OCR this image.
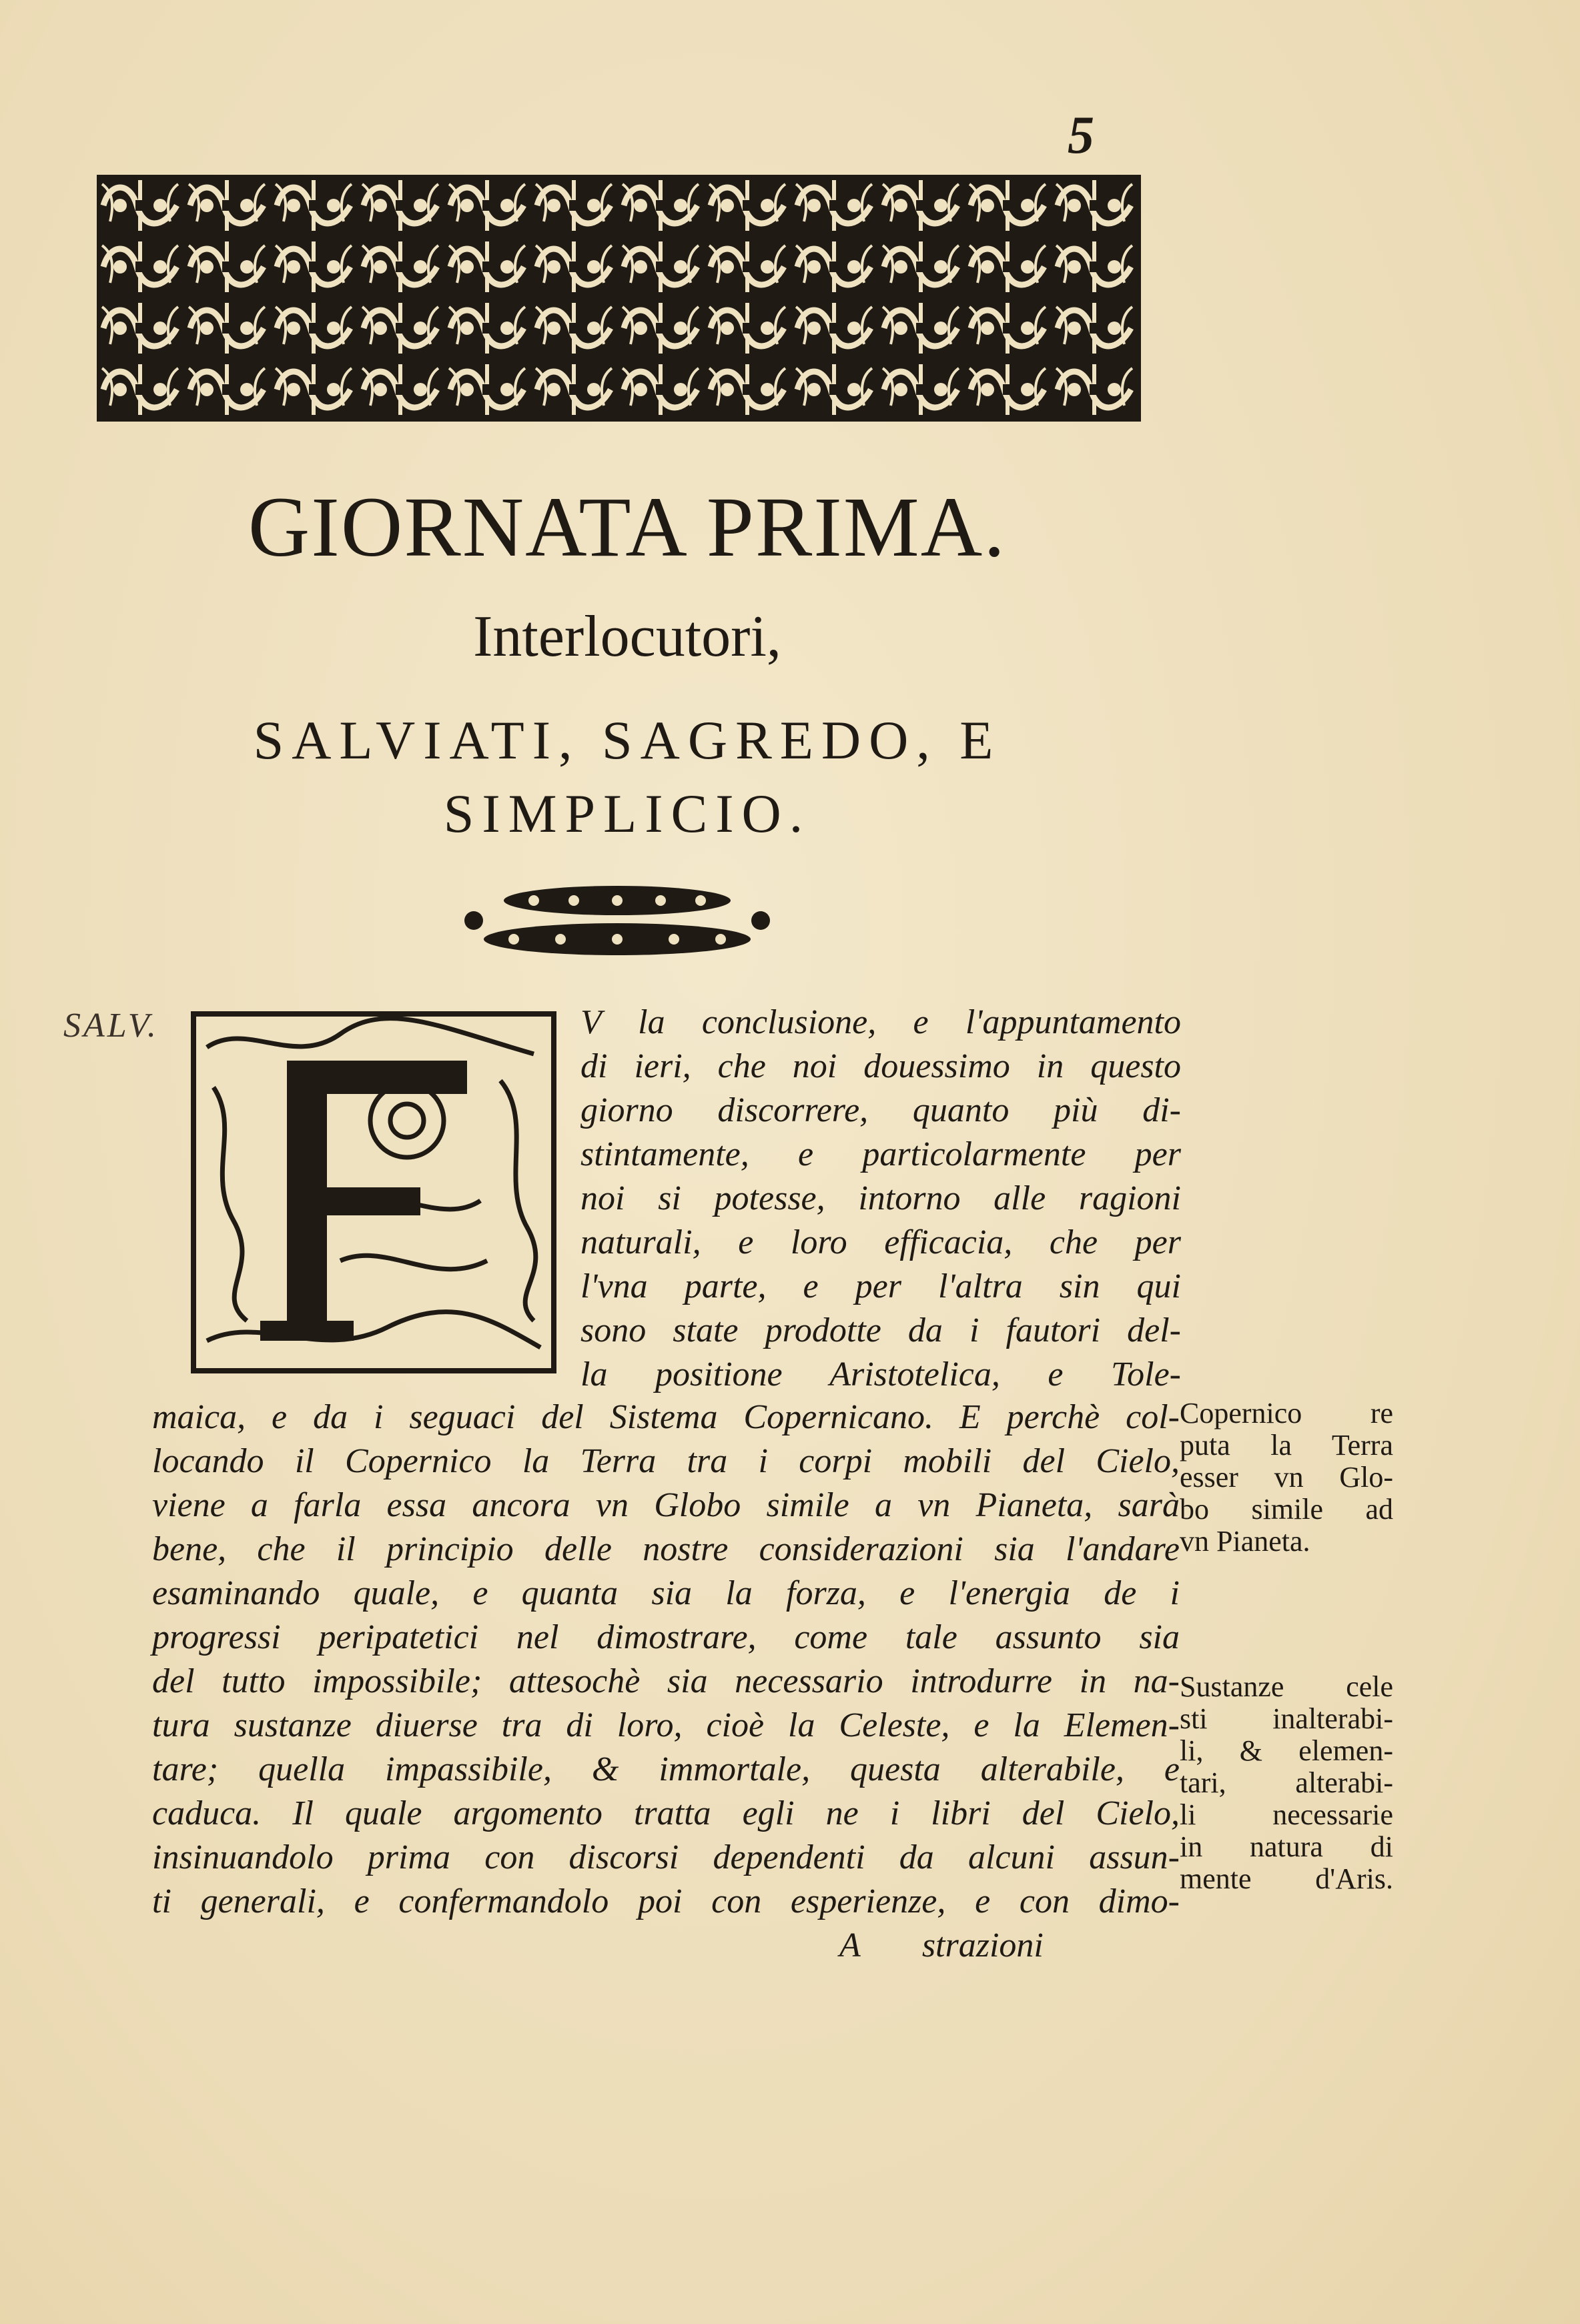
5
GIORNATA PRIMA.
Interlocutori,
SALVIATI, SAGREDO, E
SIMPLICIO.
SALV.	V la conclusione, e l'appuntamento
di ieri, che noi douessimo in questo
giorno discorrere, quanto più di-
stintamente, e particolarmente per
noi si potesse, intorno alle ragioni
naturali, e loro efficacia, che per
l'vna parte, e per l'altra sin qui
sono state prodotte da i fautori del-
la positione Aristotelica, e Tole-
maica, e da i seguaci del Sistema Copernicano. E perchè col-
locando il Copernico la Terra tra i corpi mobili del Cielo,
viene a farla essa ancora vn Globo simile a vn Pianeta, sarà
bene, che il principio delle nostre considerazioni sia l'andare
esaminando quale, e quanta sia la forza, e l'energia de i
progressi peripatetici nel dimostrare, come tale assunto sia
del tutto impossibile; attesochè sia necessario introdurre in na-
tura sustanze diuerse tra di loro, cioè la Celeste, e la Elemen-
tare; quella impassibile, & immortale, questa alterabile, e
caduca. Il quale argomento tratta egli ne i libri del Cielo,
insinuandolo prima con discorsi dependenti da alcuni assun-
ti generali, e confermandolo poi con esperienze, e con dimo-
A strazioni
Copernico re
puta la Terra
esser vn Glo-
bo simile ad
vn Pianeta.
Sustanze cele
sti inalterabi-
li, & elemen-
tari, alterabi-
li necessarie
in natura di
mente d'Aris.
